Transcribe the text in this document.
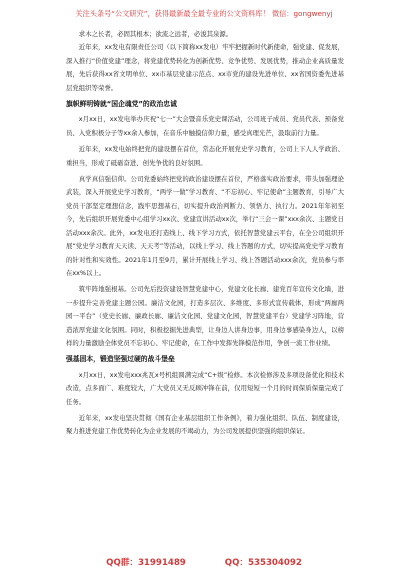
关注头条号“公文研究”，获得最新最全最专业的公文资料库！ 微信：gongwenyj

求木之长者，必固其根本；欲流之远者，必浚其泉源。

近年来，xx发电有限责任公司（以下简称xx发电）牢牢把握新时代新使命，强党建、促发展，深入推行“价值党建”理念，将党建优势转化为创新优势、竞争优势、发展优势，推动企业高质量发展，先后获得xx省文明单位、xx市基层党建示范点、xx市党的建设先进单位、xx省国资委先进基层党组织等荣誉。

旗帜鲜明铸就“国企魂党”的政治忠诚

x月xx日，xx发电举办庆祝“七一”大会暨音乐党史课活动，公司班子成员、党员代表、预备党员、入党积极分子等xx余人参加，在音乐中触摸信仰力量，感受真理光芒，汲取前行力量。

近年来，xx发电始终把党的建设摆在首位，常态化开展党史学习教育，公司上下人人学政治、重担当，形成了砥砺奋进、创先争优的良好氛围。

真学真信强信仰。公司党委始终把党的政治建设摆在首位，严格落实政治要求，带头加强理论武装，深入开展党史学习教育，“两学一做”学习教育、“不忘初心、牢记使命”主题教育，引导广大党员干部坚定理想信念，践牢思想基石，切实提升政治判断力、领悟力、执行力。2021年年初至今，先后组织开展党委中心组学习xx次、党建宣讲活动xx次，举行“三会一课”xxx余次、主题党日活动xxx余次。此外，xx发电还打造线上、线下学习方式，依托智慧党建云平台，在全公司组织开展“党史学习教育天天读、天天考”等活动，以线上学习、线上答题的方式，切实提高党史学习教育的针对性和实效性。2021年1月至9月，累计开展线上学习、线上答题活动xxx余次，党员参与率在xx%以上。

筑牢阵地强根基。公司先后投资建设智慧党建中心，党建文化长廊、建党百年宣传文化墙，进一步提升完善党建主题公园。廉洁文化园，打造多层次、多维度、多形式宣传载体，形成“两廊两园一平台”（党史长廊、廉政长廊、廉洁文化园、党建文化园，智慧党建平台）党建学习阵地，营造浓厚党建文化氛围。同时，积极挖掘先进典型，让身边人讲身边事，用身边事感染身边人，以榜样的力量激励全体党员不忘初心、牢记使命，在工作中发挥先锋模范作用，争创一流工作业绩。

强基固本，锻造坚强过硬的战斗堡垒

x月xx日，xx发电xxx兆瓦x号机组圆满完成“C+级”检修。本次检修涉及多项设备优化和技术改造，点多面广、难度较大，广大党员又无反顾冲锋在前，仅用短短一个月的时间保质保量完成了任务。

近年来，xx发电坚决贯彻《国有企业基层组织工作条例》，着力强化组织、队伍、制度建设，聚力推进党建工作优势转化为企业发展的不竭动力，为公司发展提供坚强的组织保证。

QQ群：31991489	QQ：535304092
